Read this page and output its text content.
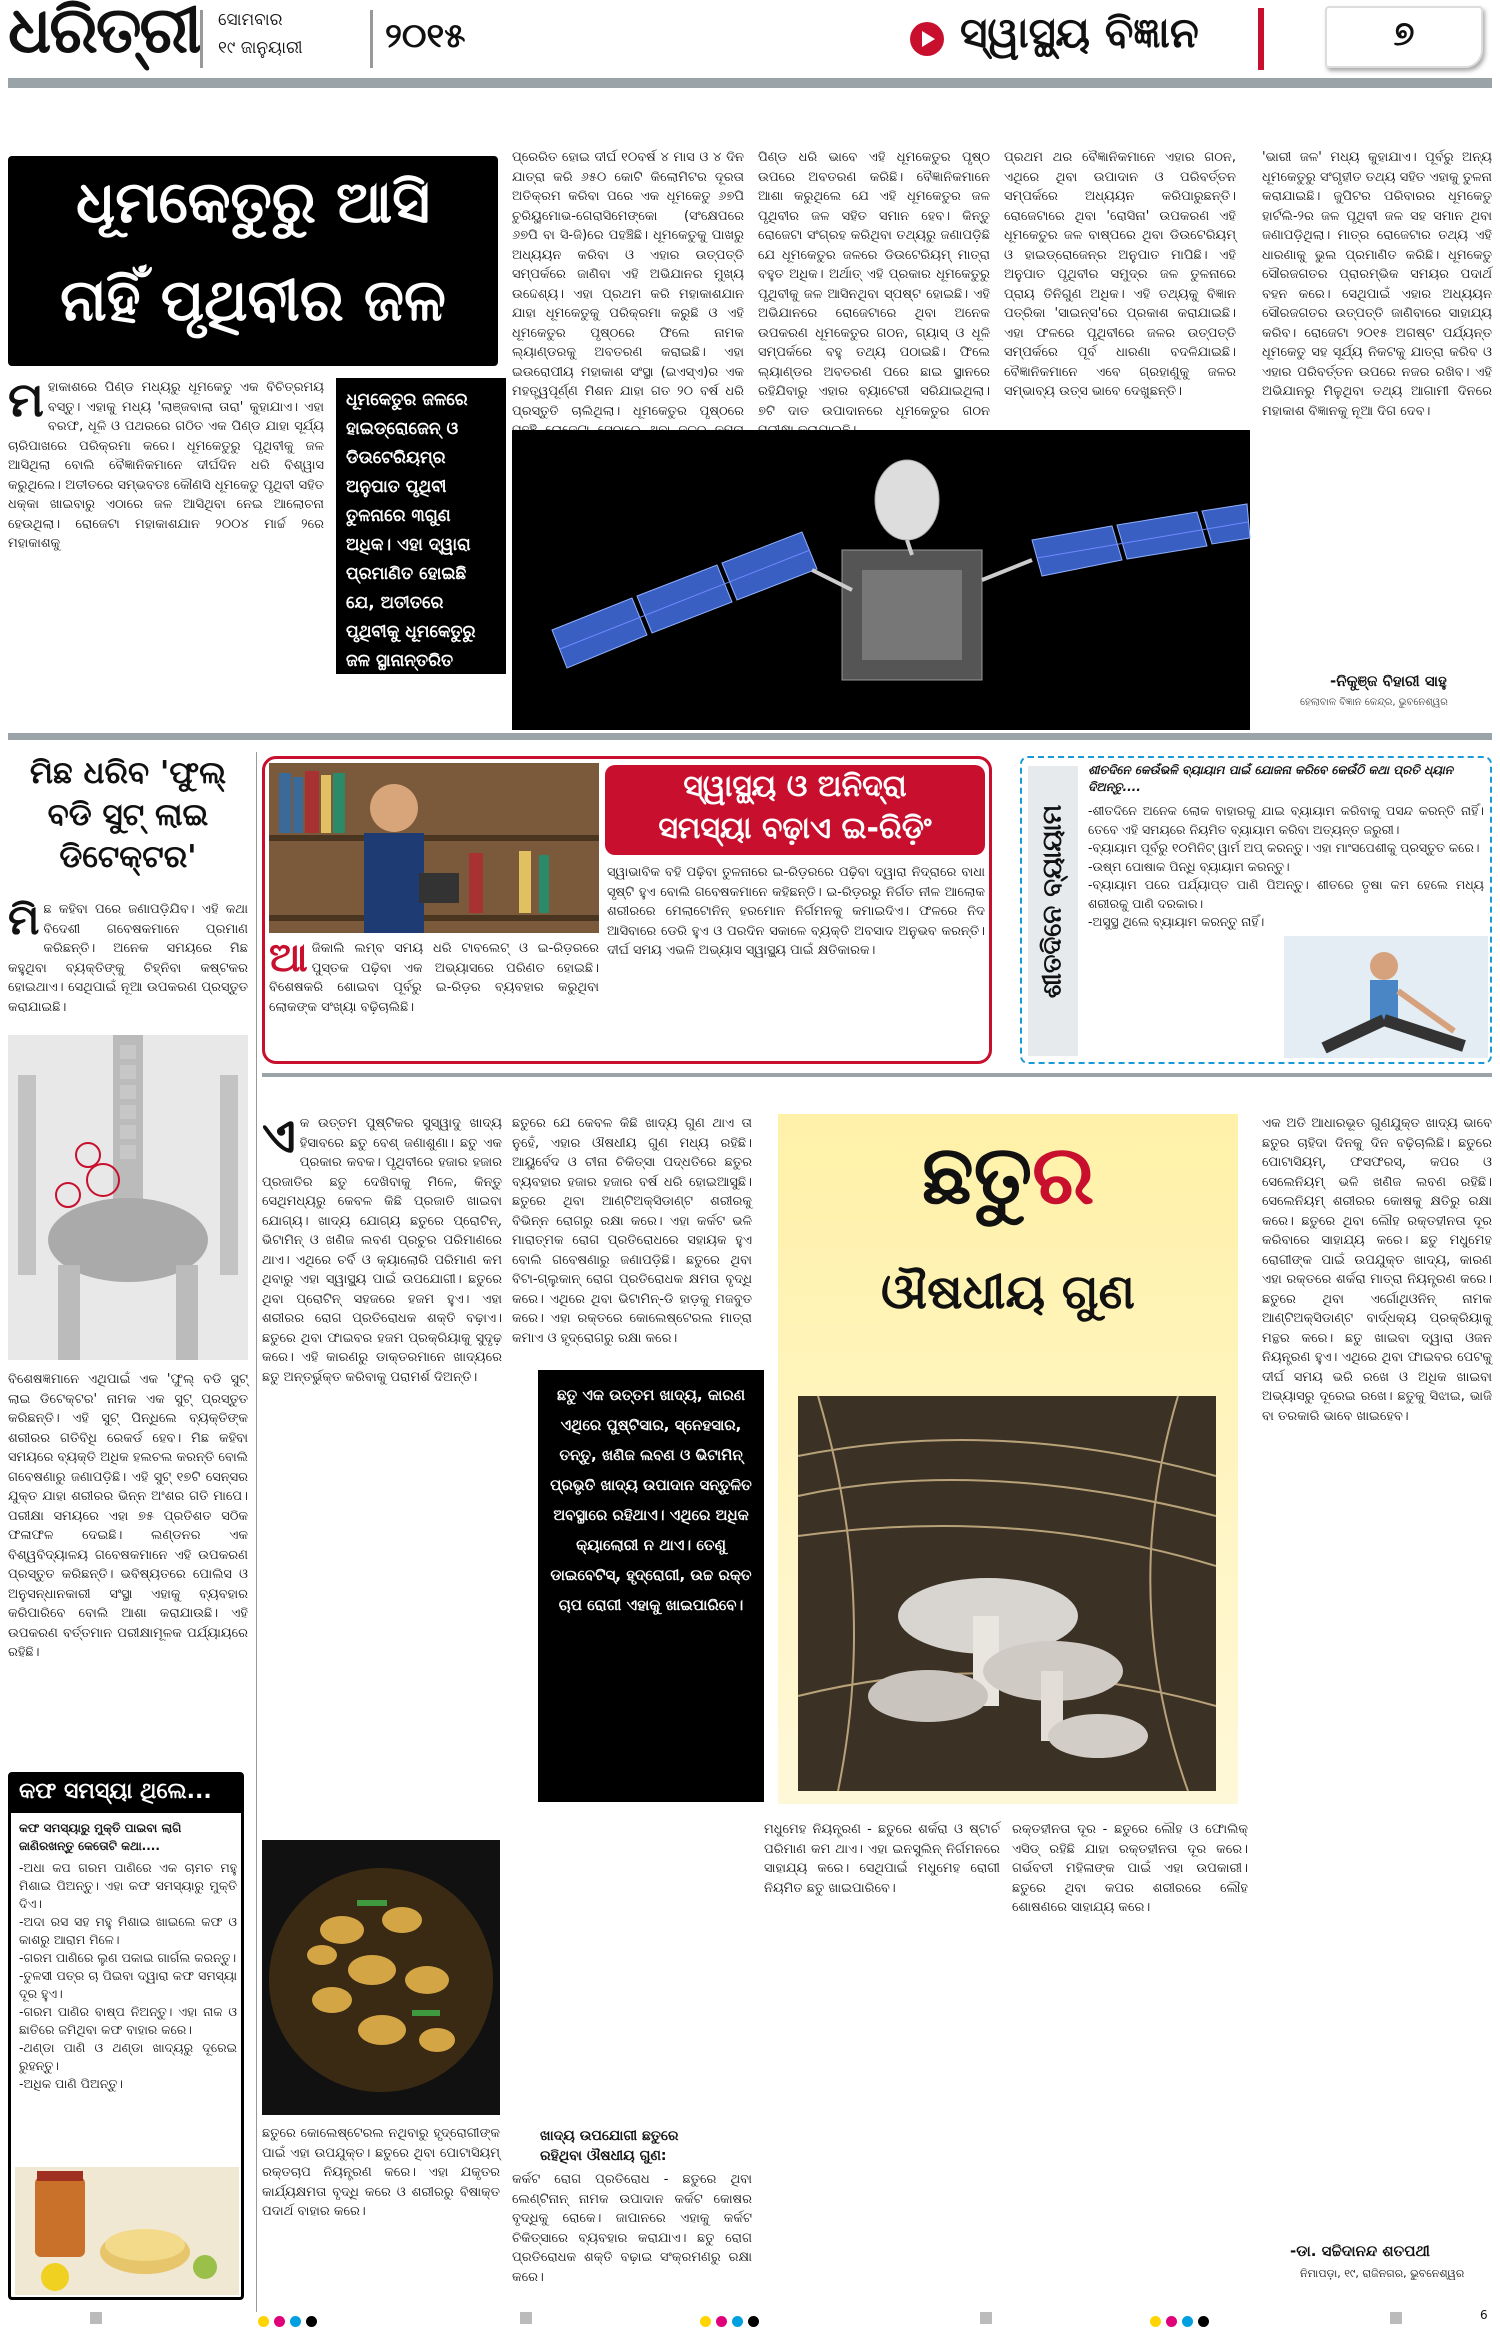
ଧରିତ୍ରୀ ସୋମବାର
୧୯ ଜାନୁୟାରୀ ୨୦୧୫	ସ୍ୱାସ୍ଥ୍ୟ ବିଜ୍ଞାନ	୭
ଧୂମକେତୁରୁ ଆସି
ନାହିଁ ପୃଥିବୀର ଜଳ
ମ ହାକାଶରେ ପିଣ୍ଡ ମଧ୍ୟରୁ ଧୂମକେତୁ ଏକ ବିଚିତ୍ରମୟ ବସ୍ତୁ। ଏହାକୁ ମଧ୍ୟ 'ଲାଞ୍ଜବାଲା ତାରା' କୁହାଯାଏ। ଏହା ବରଫ, ଧୂଳି ଓ ପଥରରେ ଗଠିତ ଏକ ପିଣ୍ଡ ଯାହା ସୂର୍ଯ୍ୟ ଚାରିପାଖରେ ପରିକ୍ରମା କରେ। ଧୂମକେତୁରୁ ପୃଥିବୀକୁ ଜଳ ଆସିଥିଲା ବୋଲି ବୈଜ୍ଞାନିକମାନେ ଦୀର୍ଘଦିନ ଧରି ବିଶ୍ୱାସ କରୁଥିଲେ। ଅତୀତରେ ସମ୍ଭବତଃ କୌଣସି ଧୂମକେତୁ ପୃଥିବୀ ସହିତ ଧକ୍କା ଖାଇବାରୁ ଏଠାରେ ଜଳ ଆସିଥିବା ନେଇ ଆଲୋଚନା ହେଉଥିଲା। ରୋଜେଟା ମହାକାଶଯାନ ୨୦୦୪ ମାର୍ଚ୍ଚ ୨ରେ ମହାକାଶକୁ
ଧୂମକେତୁର ଜଳରେ ହାଇଡ୍ରୋଜେନ୍ ଓ ଡିଉଟେରିୟମ୍‌ର ଅନୁପାତ ପୃଥିବୀ ତୁଳନାରେ ୩ଗୁଣ ଅଧିକ। ଏହା ଦ୍ୱାରା ପ୍ରମାଣିତ ହୋଇଛି ଯେ, ଅତୀତରେ ପୃଥିବୀକୁ ଧୂମକେତୁରୁ ଜଳ ସ୍ଥାନାନ୍ତରିତ ହୋଇନାହିଁ।
ପ୍ରେରିତ ହୋଇ ଦୀର୍ଘ ୧୦ବର୍ଷ ୪ ମାସ ଓ ୪ ଦିନ ଯାତ୍ରା କରି ୬୫୦ କୋଟି କିଲୋମିଟର ଦୂରତା ଅତିକ୍ରମ କରିବା ପରେ ଏକ ଧୂମକେତୁ ୬୭ପି ଚୁରିୟୁମୋଭ-ଗେରାସିମେଙ୍କୋ (ସଂକ୍ଷେପରେ ୬୭ପି ବା ସି-ଜି)ରେ ପହଞ୍ଚିଛି। ଧୂମକେତୁକୁ ପାଖରୁ ଅଧ୍ୟୟନ କରିବା ଓ ଏହାର ଉତ୍ପତ୍ତି ସମ୍ପର୍କରେ ଜାଣିବା ଏହି ଅଭିଯାନର ମୁଖ୍ୟ ଉଦ୍ଦେଶ୍ୟ। ଏହା ପ୍ରଥମ କରି ମହାକାଶଯାନ ଯାହା ଧୂମକେତୁକୁ ପରିକ୍ରମା କରୁଛି ଓ ଏହି ଧୂମକେତୁର ପୃଷ୍ଠରେ ଫିଲେ ନାମକ ଲ୍ୟାଣ୍ଡରକୁ ଅବତରଣ କରାଇଛି। ଏହା ଇଉରୋପୀୟ ମହାକାଶ ସଂସ୍ଥା (ଇଏସ୍‌ଏ)ର ଏକ ମହତ୍ତ୍ୱପୂର୍ଣ୍ଣ ମିଶନ ଯାହା ଗତ ୨୦ ବର୍ଷ ଧରି ପ୍ରସ୍ତୁତି ଚାଲିଥିଲା। ଧୂମକେତୁର ପୃଷ୍ଠରେ
ପିଣ୍ଡ ଧରି ଭାବେ ଏହି ଧୂମକେତୁର ପୃଷ୍ଠ ଉପରେ ଅବତରଣ କରିଛି। ବୈଜ୍ଞାନିକମାନେ ଆଶା କରୁଥିଲେ ଯେ ଏହି ଧୂମକେତୁର ଜଳ ପୃଥିବୀର ଜଳ ସହିତ ସମାନ ହେବ। କିନ୍ତୁ ରୋଜେଟା ସଂଗ୍ରହ କରିଥିବା ତଥ୍ୟରୁ ଜଣାପଡ଼ିଛି ଯେ ଧୂମକେତୁର ଜଳରେ ଡିଉଟେରିୟମ୍ ମାତ୍ରା ବହୁତ ଅଧିକ। ଅର୍ଥାତ୍ ଏହି ପ୍ରକାର ଧୂମକେତୁରୁ ପୃଥିବୀକୁ ଜଳ ଆସିନଥିବା ସ୍ପଷ୍ଟ ହୋଇଛି। ଏହି ଅଭିଯାନରେ ରୋଜେଟାରେ ଥିବା ଅନେକ ଉପକରଣ ଧୂମକେତୁର ଗଠନ, ଗ୍ୟାସ୍ ଓ ଧୂଳି ସମ୍ପର୍କରେ ବହୁ ତଥ୍ୟ ପଠାଇଛି। ଫିଲେ ଲ୍ୟାଣ୍ଡର ଅବତରଣ ପରେ ଛାଇ ସ୍ଥାନରେ ରହିଯିବାରୁ ଏହାର ବ୍ୟାଟେରୀ ସରିଯାଇଥିଲା। ୭ଟି ଦାତ ଉପାଦାନରେ ଧୂମକେତୁର ଗଠନ
ପ୍ରଥମ ଥର ବୈଜ୍ଞାନିକମାନେ ଏହାର ଗଠନ, ଏଥିରେ ଥିବା ଉପାଦାନ ଓ ପରିବର୍ତ୍ତନ ସମ୍ପର୍କରେ ଅଧ୍ୟୟନ କରିପାରୁଛନ୍ତି। ରୋଜେଟାରେ ଥିବା 'ରୋସିନା' ଉପକରଣ ଏହି ଧୂମକେତୁର ଜଳ ବାଷ୍ପରେ ଥିବା ଡିଉଟେରିୟମ୍ ଓ ହାଇଡ୍ରୋଜେନ୍‌ର ଅନୁପାତ ମାପିଛି। ଏହି ଅନୁପାତ ପୃଥିବୀର ସମୁଦ୍ର ଜଳ ତୁଳନାରେ ପ୍ରାୟ ତିନିଗୁଣ ଅଧିକ। ଏହି ତଥ୍ୟକୁ ବିଜ୍ଞାନ ପତ୍ରିକା 'ସାଇନ୍ସ'ରେ ପ୍ରକାଶ କରାଯାଇଛି। ଏହା ଫଳରେ ପୃଥିବୀରେ ଜଳର ଉତ୍ପତ୍ତି ସମ୍ପର୍କରେ ପୂର୍ବ ଧାରଣା ବଦଳିଯାଇଛି। ବୈଜ୍ଞାନିକମାନେ ଏବେ ଗ୍ରହାଣୁକୁ ଜଳର ସମ୍ଭାବ୍ୟ ଉତ୍ସ ଭାବେ ଦେଖୁଛନ୍ତି।
'ଭାରୀ ଜଳ' ମଧ୍ୟ କୁହାଯାଏ। ପୂର୍ବରୁ ଅନ୍ୟ ଧୂମକେତୁରୁ ସଂଗୃହୀତ ତଥ୍ୟ ସହିତ ଏହାକୁ ତୁଳନା କରାଯାଇଛି। ଜୁପିଟର ପରିବାରର ଧୂମକେତୁ ହାର୍ଟଲି-୨ର ଜଳ ପୃଥିବୀ ଜଳ ସହ ସମାନ ଥିବା ଜଣାପଡ଼ିଥିଲା। ମାତ୍ର ରୋଜେଟାର ତଥ୍ୟ ଏହି ଧାରଣାକୁ ଭୁଲ ପ୍ରମାଣିତ କରିଛି। ଧୂମକେତୁ ସୌରଜଗତର ପ୍ରାରମ୍ଭିକ ସମୟର ପଦାର୍ଥ ବହନ କରେ। ସେଥିପାଇଁ ଏହାର ଅଧ୍ୟୟନ ସୌରଜଗତର ଉତ୍ପତ୍ତି ଜାଣିବାରେ ସାହାଯ୍ୟ କରିବ। ରୋଜେଟା ୨୦୧୫ ଅଗଷ୍ଟ ପର୍ଯ୍ୟନ୍ତ ଧୂମକେତୁ ସହ ସୂର୍ଯ୍ୟ ନିକଟକୁ ଯାତ୍ରା କରିବ ଓ ଏହାର ପରିବର୍ତ୍ତନ ଉପରେ ନଜର ରଖିବ। ଏହି ଅଭିଯାନରୁ ମିଳୁଥିବା ତଥ୍ୟ ଆଗାମୀ ଦିନରେ ମହାକାଶ ବିଜ୍ଞାନକୁ ନୂଆ ଦିଗ ଦେବ।
-ନିକୁଞ୍ଜ ବିହାରୀ ସାହୁ
ହେଲାବାଳ ବିଜ୍ଞାନ କେନ୍ଦ୍ର, ଭୁବନେଶ୍ୱର
ମିଛ ଧରିବ 'ଫୁଲ୍ ବଡି ସୁଟ୍ ଲାଇ ଡିଟେକ୍ଟର'
ମି ଛ କହିବା ପରେ ଜଣାପଡ଼ିଯିବ। ଏହି କଥା ବିଦେଶୀ ଗବେଷକମାନେ ପ୍ରମାଣ କରିଛନ୍ତି। ଅନେକ ସମୟରେ ମିଛ କହୁଥିବା ବ୍ୟକ୍ତିଙ୍କୁ ଚିହ୍ନିବା କଷ୍ଟକର ହୋଇଥାଏ। ସେଥିପାଇଁ ନୂଆ ଉପକରଣ ପ୍ରସ୍ତୁତ କରାଯାଇଛି।
ବିଶେଷଜ୍ଞମାନେ ଏଥିପାଇଁ ଏକ 'ଫୁଲ୍ ବଡି ସୁଟ୍ ଲାଇ ଡିଟେକ୍ଟର' ନାମକ ଏକ ସୁଟ୍ ପ୍ରସ୍ତୁତ କରିଛନ୍ତି। ଏହି ସୁଟ୍ ପିନ୍ଧିଲେ ବ୍ୟକ୍ତିଙ୍କ ଶରୀରର ଗତିବିଧି ରେକର୍ଡ ହେବ। ମିଛ କହିବା ସମୟରେ ବ୍ୟକ୍ତି ଅଧିକ ହଲଚଲ କରନ୍ତି ବୋଲି ଗବେଷଣାରୁ ଜଣାପଡ଼ିଛି। ଏହି ସୁଟ୍ ୧୭ଟି ସେନ୍ସର ଯୁକ୍ତ ଯାହା ଶରୀରର ଭିନ୍ନ ଅଂଶର ଗତି ମାପେ। ପରୀକ୍ଷା ସମୟରେ ଏହା ୭୫ ପ୍ରତିଶତ ସଠିକ ଫଳାଫଳ ଦେଇଛି। ଲଣ୍ଡନର ଏକ ବିଶ୍ୱବିଦ୍ୟାଳୟ ଗବେଷକମାନେ ଏହି ଉପକରଣ ପ୍ରସ୍ତୁତ କରିଛନ୍ତି। ଭବିଷ୍ୟତରେ ପୋଲିସ ଓ ଅନୁସନ୍ଧାନକାରୀ ସଂସ୍ଥା ଏହାକୁ ବ୍ୟବହାର କରିପାରିବେ ବୋଲି ଆଶା କରାଯାଉଛି। ଏହି ଉପକରଣ ବର୍ତ୍ତମାନ ପରୀକ୍ଷାମୂଳକ ପର୍ଯ୍ୟାୟରେ ରହିଛି।
ସ୍ୱାସ୍ଥ୍ୟ ଓ ଅନିଦ୍ରା
ସମସ୍ୟା ବଢ଼ାଏ ଇ-ରିଡ଼ିଂ
ଆ ଜିକାଲି ଲମ୍ବ ସମୟ ଧରି ଟାବଲେଟ୍ ଓ ଇ-ରିଡ଼ରରେ ପୁସ୍ତକ ପଢ଼ିବା ଏକ ଅଭ୍ୟାସରେ ପରିଣତ ହୋଇଛି। ବିଶେଷକରି ଶୋଇବା ପୂର୍ବରୁ ଇ-ରିଡ଼ର ବ୍ୟବହାର କରୁଥିବା ଲୋକଙ୍କ ସଂଖ୍ୟା ବଢ଼ିଚାଲିଛି।
ସ୍ୱାଭାବିକ ବହି ପଢ଼ିବା ତୁଳନାରେ ଇ-ରିଡ଼ରରେ ପଢ଼ିବା ଦ୍ୱାରା ନିଦ୍ରାରେ ବାଧା ସୃଷ୍ଟି ହୁଏ ବୋଲି ଗବେଷକମାନେ କହିଛନ୍ତି। ଇ-ରିଡ଼ରରୁ ନିର୍ଗତ ନୀଳ ଆଲୋକ ଶରୀରରେ ମେଲାଟୋନିନ୍ ହରମୋନ ନିର୍ଗମନକୁ କମାଇଦିଏ। ଫଳରେ ନିଦ ଆସିବାରେ ଡେରି ହୁଏ ଓ ପରଦିନ ସକାଳେ ବ୍ୟକ୍ତି ଅବସାଦ ଅନୁଭବ କରନ୍ତି। ଦୀର୍ଘ ସମୟ ଏଭଳି ଅଭ୍ୟାସ ସ୍ୱାସ୍ଥ୍ୟ ପାଇଁ କ୍ଷତିକାରକ।	ଶୀତଦିନେ ବ୍ୟାୟାମ
ଶୀତଦିନେ କେଉଁଭଳି ବ୍ୟାୟାମ ପାଇଁ ଯୋଜନା କରିବେ କେଉଁଠି କଥା ପ୍ରତି ଧ୍ୟାନ ଦିଅନ୍ତୁ....
-ଶୀତଦିନେ ଅନେକ ଲୋକ ବାହାରକୁ ଯାଇ ବ୍ୟାୟାମ କରିବାକୁ ପସନ୍ଦ କରନ୍ତି ନାହିଁ। ତେବେ ଏହି ସମୟରେ ନିୟମିତ ବ୍ୟାୟାମ କରିବା ଅତ୍ୟନ୍ତ ଜରୁରୀ।
-ବ୍ୟାୟାମ ପୂର୍ବରୁ ୧୦ମିନିଟ୍ ୱାର୍ମ ଅପ୍ କରନ୍ତୁ। ଏହା ମାଂସପେଶୀକୁ ପ୍ରସ୍ତୁତ କରେ।
-ଉଷ୍ମ ପୋଷାକ ପିନ୍ଧି ବ୍ୟାୟାମ କରନ୍ତୁ।
-ବ୍ୟାୟାମ ପରେ ପର୍ଯ୍ୟାପ୍ତ ପାଣି ପିଅନ୍ତୁ। ଶୀତରେ ତୃଷା କମ ହେଲେ ମଧ୍ୟ ଶରୀରକୁ ପାଣି ଦରକାର।
-ଅସୁସ୍ଥ ଥିଲେ ବ୍ୟାୟାମ କରନ୍ତୁ ନାହିଁ।
ଏ କ ଉତ୍ତମ ପୁଷ୍ଟିକର ସୁସ୍ୱାଦୁ ଖାଦ୍ୟ ହିସାବରେ ଛତୁ ବେଶ୍ ଜଣାଶୁଣା। ଛତୁ ଏକ ପ୍ରକାର କବକ। ପୃଥିବୀରେ ହଜାର ହଜାର ପ୍ରଜାତିର ଛତୁ ଦେଖିବାକୁ ମିଳେ, କିନ୍ତୁ ସେଥିମଧ୍ୟରୁ କେବଳ କିଛି ପ୍ରଜାତି ଖାଇବା ଯୋଗ୍ୟ। ଖାଦ୍ୟ ଯୋଗ୍ୟ ଛତୁରେ ପ୍ରୋଟିନ୍, ଭିଟାମିନ୍ ଓ ଖଣିଜ ଲବଣ ପ୍ରଚୁର ପରିମାଣରେ ଥାଏ। ଏଥିରେ ଚର୍ବି ଓ କ୍ୟାଲୋରି ପରିମାଣ କମ ଥିବାରୁ ଏହା ସ୍ୱାସ୍ଥ୍ୟ ପାଇଁ ଉପଯୋଗୀ। ଛତୁରେ ଥିବା ପ୍ରୋଟିନ୍ ସହଜରେ ହଜମ ହୁଏ। ଏହା ଶରୀରର ରୋଗ ପ୍ରତିରୋଧକ ଶକ୍ତି ବଢ଼ାଏ। ଛତୁରେ ଥିବା ଫାଇବର ହଜମ ପ୍ରକ୍ରିୟାକୁ ସୁଦୃଢ଼ କରେ। ଏହି କାରଣରୁ ଡାକ୍ତରମାନେ ଖାଦ୍ୟରେ ଛତୁ ଅନ୍ତର୍ଭୁକ୍ତ କରିବାକୁ ପରାମର୍ଶ ଦିଅନ୍ତି।
ଛତୁରେ ଯେ କେବଳ କିଛି ଖାଦ୍ୟ ଗୁଣ ଥାଏ ତା ନୁହେଁ, ଏହାର ଔଷଧୀୟ ଗୁଣ ମଧ୍ୟ ରହିଛି। ଆୟୁର୍ବେଦ ଓ ଚୀନା ଚିକିତ୍ସା ପଦ୍ଧତିରେ ଛତୁର ବ୍ୟବହାର ହଜାର ହଜାର ବର୍ଷ ଧରି ହୋଇଆସୁଛି। ଛତୁରେ ଥିବା ଆଣ୍ଟିଅକ୍ସିଡାଣ୍ଟ ଶରୀରକୁ ବିଭିନ୍ନ ରୋଗରୁ ରକ୍ଷା କରେ। ଏହା କର୍କଟ ଭଳି ମାରାତ୍ମକ ରୋଗ ପ୍ରତିରୋଧରେ ସହାୟକ ହୁଏ ବୋଲି ଗବେଷଣାରୁ ଜଣାପଡ଼ିଛି। ଛତୁରେ ଥିବା ବିଟା-ଗ୍ଲୁକାନ୍ ରୋଗ ପ୍ରତିରୋଧକ କ୍ଷମତା ବୃଦ୍ଧି କରେ। ଏଥିରେ ଥିବା ଭିଟାମିନ୍-ଡି ହାଡ଼କୁ ମଜବୁତ କରେ। ଏହା ରକ୍ତରେ କୋଲେଷ୍ଟେରଲ ମାତ୍ରା କମାଏ ଓ ହୃଦ୍‌ରୋଗରୁ ରକ୍ଷା କରେ।
ଛତୁ ଏକ ଉତ୍ତମ ଖାଦ୍ୟ, କାରଣ ଏଥିରେ ପୁଷ୍ଟିସାର, ସ୍ନେହସାର, ତନ୍ତୁ, ଖଣିଜ ଲବଣ ଓ ଭିଟାମିନ୍ ପ୍ରଭୃତି ଖାଦ୍ୟ ଉପାଦାନ ସନ୍ତୁଳିତ ଅବସ୍ଥାରେ ରହିଥାଏ। ଏଥିରେ ଅଧିକ କ୍ୟାଲୋରୀ ନ ଥାଏ। ତେଣୁ ଡାଇବେଟିସ୍, ହୃଦ୍‌ରୋଗୀ, ଉଚ୍ଚ ରକ୍ତ ଚାପ ରୋଗୀ ଏହାକୁ ଖାଇପାରିବେ।
ଛତୁର
ଔଷଧୀୟ ଗୁଣ
ଏକ ଅତି ଆଧାରଭୂତ ଗୁଣଯୁକ୍ତ ଖାଦ୍ୟ ଭାବେ ଛତୁର ଚାହିଦା ଦିନକୁ ଦିନ ବଢ଼ିଚାଲିଛି। ଛତୁରେ ପୋଟାସିୟମ୍, ଫସଫରସ୍, କପର ଓ ସେଲେନିୟମ୍ ଭଳି ଖଣିଜ ଲବଣ ରହିଛି। ସେଲେନିୟମ୍ ଶରୀରର କୋଷକୁ କ୍ଷତିରୁ ରକ୍ଷା କରେ। ଛତୁରେ ଥିବା ଲୌହ ରକ୍ତହୀନତା ଦୂର କରିବାରେ ସାହାଯ୍ୟ କରେ। ଛତୁ ମଧୁମେହ ରୋଗୀଙ୍କ ପାଇଁ ଉପଯୁକ୍ତ ଖାଦ୍ୟ, କାରଣ ଏହା ରକ୍ତରେ ଶର୍କରା ମାତ୍ରା ନିୟନ୍ତ୍ରଣ କରେ। ଛତୁରେ ଥିବା ଏର୍ଗୋଥିଓନିନ୍ ନାମକ ଆଣ୍ଟିଅକ୍ସିଡାଣ୍ଟ ବାର୍ଦ୍ଧକ୍ୟ ପ୍ରକ୍ରିୟାକୁ ମନ୍ଥର କରେ। ଛତୁ ଖାଇବା ଦ୍ୱାରା ଓଜନ ନିୟନ୍ତ୍ରଣ ହୁଏ। ଏଥିରେ ଥିବା ଫାଇବର ପେଟକୁ ଦୀର୍ଘ ସମୟ ଭରି ରଖେ ଓ ଅଧିକ ଖାଇବା ଅଭ୍ୟାସରୁ ଦୂରେଇ ରଖେ। ଛତୁକୁ ସିଝାଇ, ଭାଜି ବା ତରକାରି ଭାବେ ଖାଇହେବ।
ଖାଦ୍ୟ ଉପଯୋଗୀ ଛତୁରେ
ରହିଥିବା ଔଷଧୀୟ ଗୁଣ:
ଛତୁରେ କୋଲେଷ୍ଟେରଲ ନଥିବାରୁ ହୃଦ୍‌ରୋଗୀଙ୍କ ପାଇଁ ଏହା ଉପଯୁକ୍ତ। ଛତୁରେ ଥିବା ପୋଟାସିୟମ୍ ରକ୍ତଚାପ ନିୟନ୍ତ୍ରଣ କରେ। ଏହା ଯକୃତର କାର୍ଯ୍ୟକ୍ଷମତା ବୃଦ୍ଧି କରେ ଓ ଶରୀରରୁ ବିଷାକ୍ତ ପଦାର୍ଥ ବାହାର କରେ।
କର୍କଟ ରୋଗ ପ୍ରତିରୋଧ - ଛତୁରେ ଥିବା ଲେଣ୍ଟିନାନ୍ ନାମକ ଉପାଦାନ କର୍କଟ କୋଷର ବୃଦ୍ଧିକୁ ରୋକେ। ଜାପାନରେ ଏହାକୁ କର୍କଟ ଚିକିତ୍ସାରେ ବ୍ୟବହାର କରାଯାଏ। ଛତୁ ରୋଗ ପ୍ରତିରୋଧକ ଶକ୍ତି ବଢ଼ାଇ ସଂକ୍ରମଣରୁ ରକ୍ଷା କରେ।
ମଧୁମେହ ନିୟନ୍ତ୍ରଣ - ଛତୁରେ ଶର୍କରା ଓ ଷ୍ଟାର୍ଚ ପରିମାଣ କମ ଥାଏ। ଏହା ଇନସୁଲିନ୍ ନିର୍ଗମନରେ ସାହାଯ୍ୟ କରେ। ସେଥିପାଇଁ ମଧୁମେହ ରୋଗୀ ନିୟମିତ ଛତୁ ଖାଇପାରିବେ।
ରକ୍ତହୀନତା ଦୂର - ଛତୁରେ ଲୌହ ଓ ଫୋଲିକ୍ ଏସିଡ୍ ରହିଛି ଯାହା ରକ୍ତହୀନତା ଦୂର କରେ। ଗର୍ଭବତୀ ମହିଳାଙ୍କ ପାଇଁ ଏହା ଉପକାରୀ। ଛତୁରେ ଥିବା କପର ଶରୀରରେ ଲୌହ ଶୋଷଣରେ ସାହାଯ୍ୟ କରେ।
-ଡା. ସଚ୍ଚିଦାନନ୍ଦ ଶତପଥୀ
ନିମାପଡ଼ା, ୧୯, ରାଜିନଗର, ଭୁବନେଶ୍ୱର
କଫ ସମସ୍ୟା ଥିଲେ...
କଫ ସମସ୍ୟାରୁ ମୁକ୍ତି ପାଇବା ଲାଗି ଜାଣିରଖନ୍ତୁ କେତୋଟି କଥା....
-ଅଧା କପ ଗରମ ପାଣିରେ ଏକ ଚାମଚ ମହୁ ମିଶାଇ ପିଅନ୍ତୁ। ଏହା କଫ ସମସ୍ୟାରୁ ମୁକ୍ତି ଦିଏ।
-ଅଦା ରସ ସହ ମହୁ ମିଶାଇ ଖାଇଲେ କଫ ଓ କାଶରୁ ଆରାମ ମିଳେ।
-ଗରମ ପାଣିରେ ଲୁଣ ପକାଇ ଗାର୍ଗଲ କରନ୍ତୁ।
-ତୁଳସୀ ପତ୍ର ଚା ପିଇବା ଦ୍ୱାରା କଫ ସମସ୍ୟା ଦୂର ହୁଏ।
-ଗରମ ପାଣିର ବାଷ୍ପ ନିଅନ୍ତୁ। ଏହା ନାକ ଓ ଛାତିରେ ଜମିଥିବା କଫ ବାହାର କରେ।
-ଥଣ୍ଡା ପାଣି ଓ ଥଣ୍ଡା ଖାଦ୍ୟରୁ ଦୂରେଇ ରୁହନ୍ତୁ।
-ଅଧିକ ପାଣି ପିଅନ୍ତୁ।

6
